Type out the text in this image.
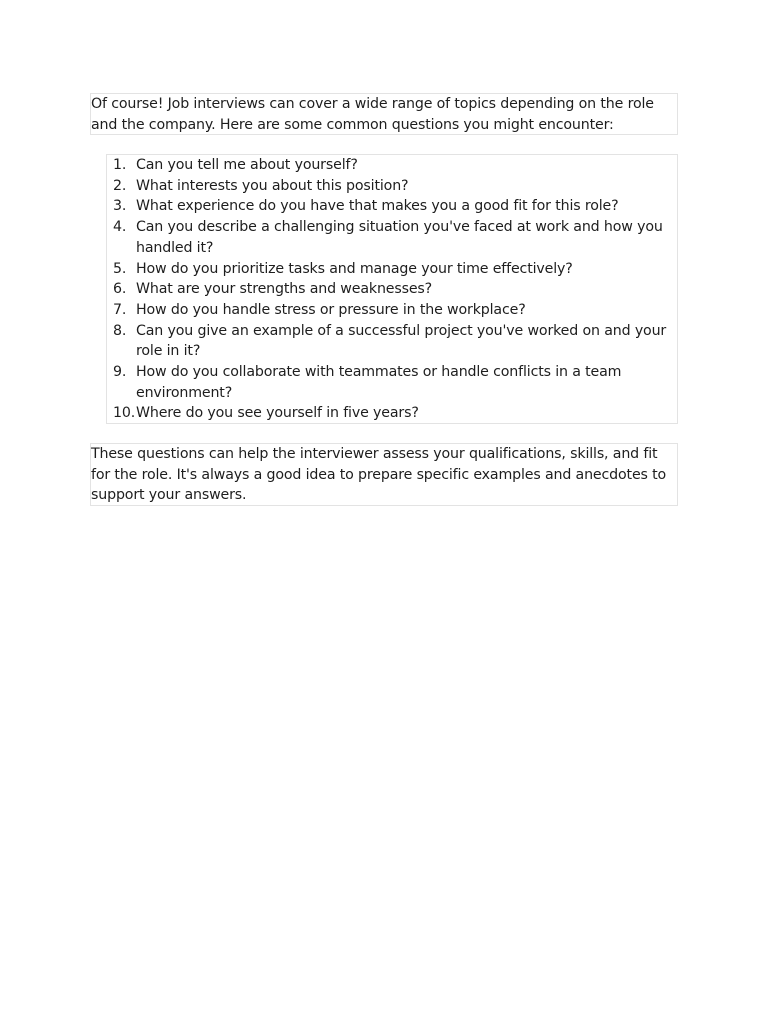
Of course! Job interviews can cover a wide range of topics depending on the role and the company. Here are some common questions you might encounter:

1. Can you tell me about yourself?
2. What interests you about this position?
3. What experience do you have that makes you a good fit for this role?
4. Can you describe a challenging situation you've faced at work and how you handled it?
5. How do you prioritize tasks and manage your time effectively?
6. What are your strengths and weaknesses?
7. How do you handle stress or pressure in the workplace?
8. Can you give an example of a successful project you've worked on and your role in it?
9. How do you collaborate with teammates or handle conflicts in a team environment?
10. Where do you see yourself in five years?

These questions can help the interviewer assess your qualifications, skills, and fit for the role. It's always a good idea to prepare specific examples and anecdotes to support your answers.
